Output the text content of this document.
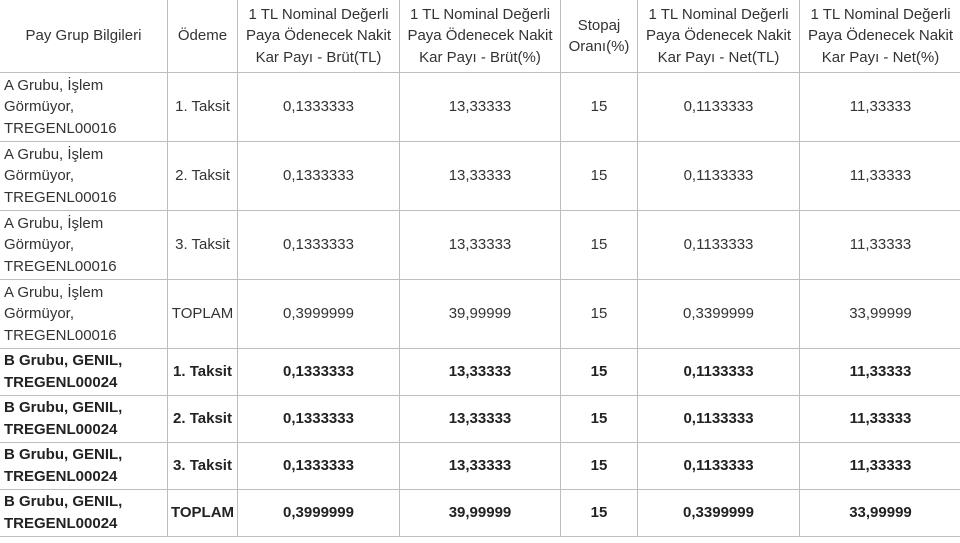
Pay Grup Bilgileri	Ödeme	1 TL Nominal Değerli Paya Ödenecek Nakit Kar Payı - Brüt(TL)	1 TL Nominal Değerli Paya Ödenecek Nakit Kar Payı - Brüt(%)	Stopaj Oranı(%)	1 TL Nominal Değerli Paya Ödenecek Nakit Kar Payı - Net(TL)	1 TL Nominal Değerli Paya Ödenecek Nakit Kar Payı - Net(%)
A Grubu, İşlem Görmüyor, TREGENL00016	1. Taksit	0,1333333	13,33333	15	0,1133333	11,33333
A Grubu, İşlem Görmüyor, TREGENL00016	2. Taksit	0,1333333	13,33333	15	0,1133333	11,33333
A Grubu, İşlem Görmüyor, TREGENL00016	3. Taksit	0,1333333	13,33333	15	0,1133333	11,33333
A Grubu, İşlem Görmüyor, TREGENL00016	TOPLAM	0,3999999	39,99999	15	0,3399999	33,99999
B Grubu, GENIL, TREGENL00024	1. Taksit	0,1333333	13,33333	15	0,1133333	11,33333
B Grubu, GENIL, TREGENL00024	2. Taksit	0,1333333	13,33333	15	0,1133333	11,33333
B Grubu, GENIL, TREGENL00024	3. Taksit	0,1333333	13,33333	15	0,1133333	11,33333
B Grubu, GENIL, TREGENL00024	TOPLAM	0,3999999	39,99999	15	0,3399999	33,99999
